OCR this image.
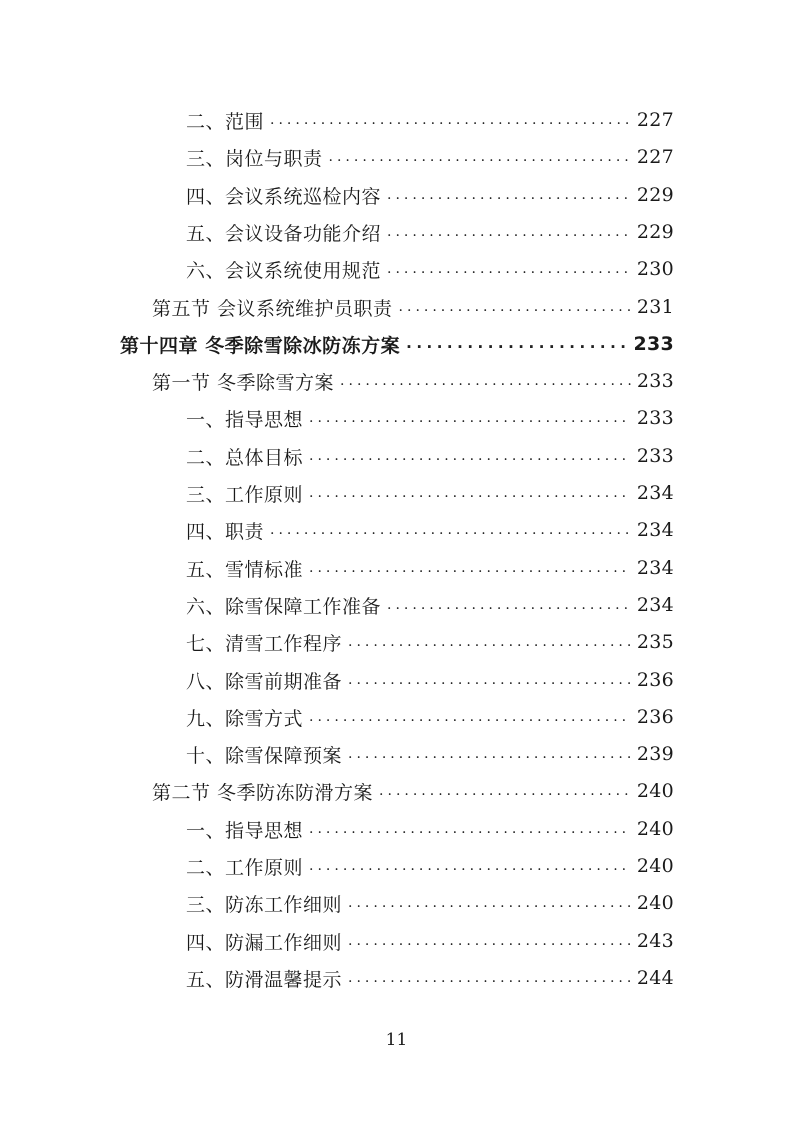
二、范围 .....	227
三、岗位与职责 .....	227
四、会议系统巡检内容 .....	229
五、会议设备功能介绍 .....	229
六、会议系统使用规范 .....	230
第五节 会议系统维护员职责 .....	231
第十四章 冬季除雪除冰防冻方案 .....	233
第一节 冬季除雪方案 .....	233
一、指导思想 .....	233
二、总体目标 .....	233
三、工作原则 .....	234
四、职责 .....	234
五、雪情标准 .....	234
六、除雪保障工作准备 .....	234
七、清雪工作程序 .....	235
八、除雪前期准备 .....	236
九、除雪方式 .....	236
十、除雪保障预案 .....	239
第二节 冬季防冻防滑方案 .....	240
一、指导思想 .....	240
二、工作原则 .....	240
三、防冻工作细则 .....	240
四、防漏工作细则 .....	243
五、防滑温馨提示 .....	244
11
